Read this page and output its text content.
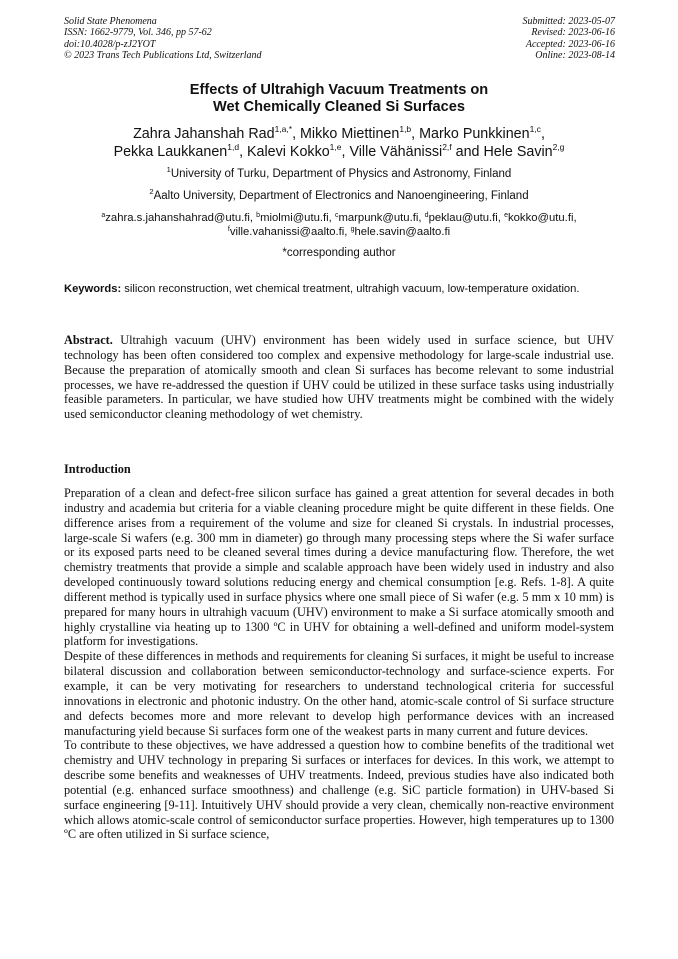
Solid State Phenomena
ISSN: 1662-9779, Vol. 346, pp 57-62
doi:10.4028/p-zJ2YOT
© 2023 Trans Tech Publications Ltd, Switzerland
Submitted: 2023-05-07
Revised: 2023-06-16
Accepted: 2023-06-16
Online: 2023-08-14
Effects of Ultrahigh Vacuum Treatments on
Wet Chemically Cleaned Si Surfaces
Zahra Jahanshah Rad$^{1,a,*}$, Mikko Miettinen$^{1,b}$, Marko Punkkinen$^{1,c}$,
Pekka Laukkanen$^{1,d}$, Kalevi Kokko$^{1,e}$, Ville Vähänissi$^{2,f}$ and Hele Savin$^{2,g}$
$^1$University of Turku, Department of Physics and Astronomy, Finland
$^2$Aalto University, Department of Electronics and Nanoengineering, Finland
$^a$zahra.s.jahanshahrad@utu.fi, $^b$miolmi@utu.fi, $^c$marpunk@utu.fi, $^d$peklau@utu.fi, $^e$kokko@utu.fi,
$^f$ville.vahanissi@aalto.fi, $^g$hele.savin@aalto.fi
*corresponding author
Keywords: silicon reconstruction, wet chemical treatment, ultrahigh vacuum, low-temperature oxidation.

Abstract. Ultrahigh vacuum (UHV) environment has been widely used in surface science, but UHV technology has been often considered too complex and expensive methodology for large-scale industrial use. Because the preparation of atomically smooth and clean Si surfaces has become relevant to some industrial processes, we have re-addressed the question if UHV could be utilized in these surface tasks using industrially feasible parameters. In particular, we have studied how UHV treatments might be combined with the widely used semiconductor cleaning methodology of wet chemistry.

Introduction

Preparation of a clean and defect-free silicon surface has gained a great attention for several decades in both industry and academia but criteria for a viable cleaning procedure might be quite different in these fields. One difference arises from a requirement of the volume and size for cleaned Si crystals. In industrial processes, large-scale Si wafers (e.g. 300 mm in diameter) go through many processing steps where the Si wafer surface or its exposed parts need to be cleaned several times during a device manufacturing flow. Therefore, the wet chemistry treatments that provide a simple and scalable approach have been widely used in industry and also developed continuously toward solutions reducing energy and chemical consumption [e.g. Refs. 1-8]. A quite different method is typically used in surface physics where one small piece of Si wafer (e.g. 5 mm x 10 mm) is prepared for many hours in ultrahigh vacuum (UHV) environment to make a Si surface atomically smooth and highly crystalline via heating up to 1300 ºC in UHV for obtaining a well-defined and uniform model-system platform for investigations.

Despite of these differences in methods and requirements for cleaning Si surfaces, it might be useful to increase bilateral discussion and collaboration between semiconductor-technology and surface-science experts. For example, it can be very motivating for researchers to understand technological criteria for successful innovations in electronic and photonic industry. On the other hand, atomic-scale control of Si surface structure and defects becomes more and more relevant to develop high performance devices with an increased manufacturing yield because Si surfaces form one of the weakest parts in many current and future devices.

To contribute to these objectives, we have addressed a question how to combine benefits of the traditional wet chemistry and UHV technology in preparing Si surfaces or interfaces for devices. In this work, we attempt to describe some benefits and weaknesses of UHV treatments. Indeed, previous studies have also indicated both potential (e.g. enhanced surface smoothness) and challenge (e.g. SiC particle formation) in UHV-based Si surface engineering [9-11]. Intuitively UHV should provide a very clean, chemically non-reactive environment which allows atomic-scale control of semiconductor surface properties. However, high temperatures up to 1300 ºC are often utilized in Si surface science,
